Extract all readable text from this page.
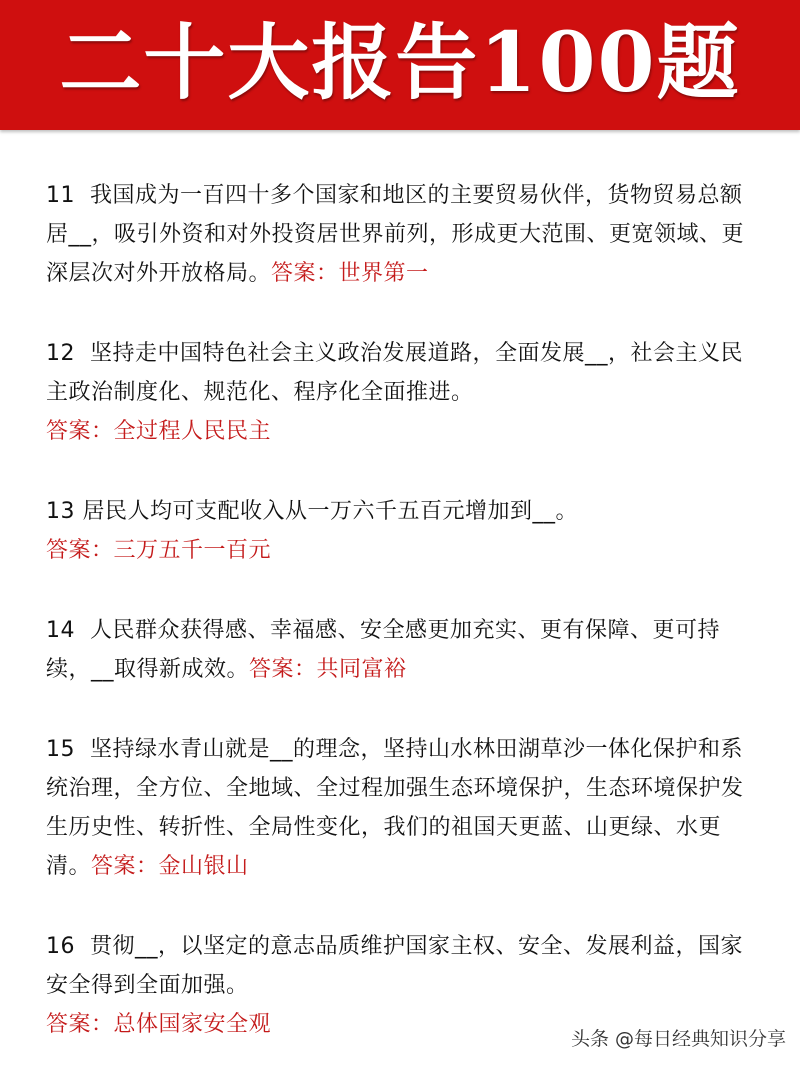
二十大报告100题
11 我国成为一百四十多个国家和地区的主要贸易伙伴，货物贸易总额居__，吸引外资和对外投资居世界前列，形成更大范围、更宽领域、更深层次对外开放格局。答案：世界第一
12 坚持走中国特色社会主义政治发展道路，全面发展__，社会主义民主政治制度化、规范化、程序化全面推进。
答案：全过程人民民主
13 居民人均可支配收入从一万六千五百元增加到__。
答案：三万五千一百元
14 人民群众获得感、幸福感、安全感更加充实、更有保障、更可持续，__取得新成效。答案：共同富裕
15 坚持绿水青山就是__的理念，坚持山水林田湖草沙一体化保护和系统治理，全方位、全地域、全过程加强生态环境保护，生态环境保护发生历史性、转折性、全局性变化，我们的祖国天更蓝、山更绿、水更清。答案：金山银山
16 贯彻__，以坚定的意志品质维护国家主权、安全、发展利益，国家安全得到全面加强。
答案：总体国家安全观
头条 @每日经典知识分享
